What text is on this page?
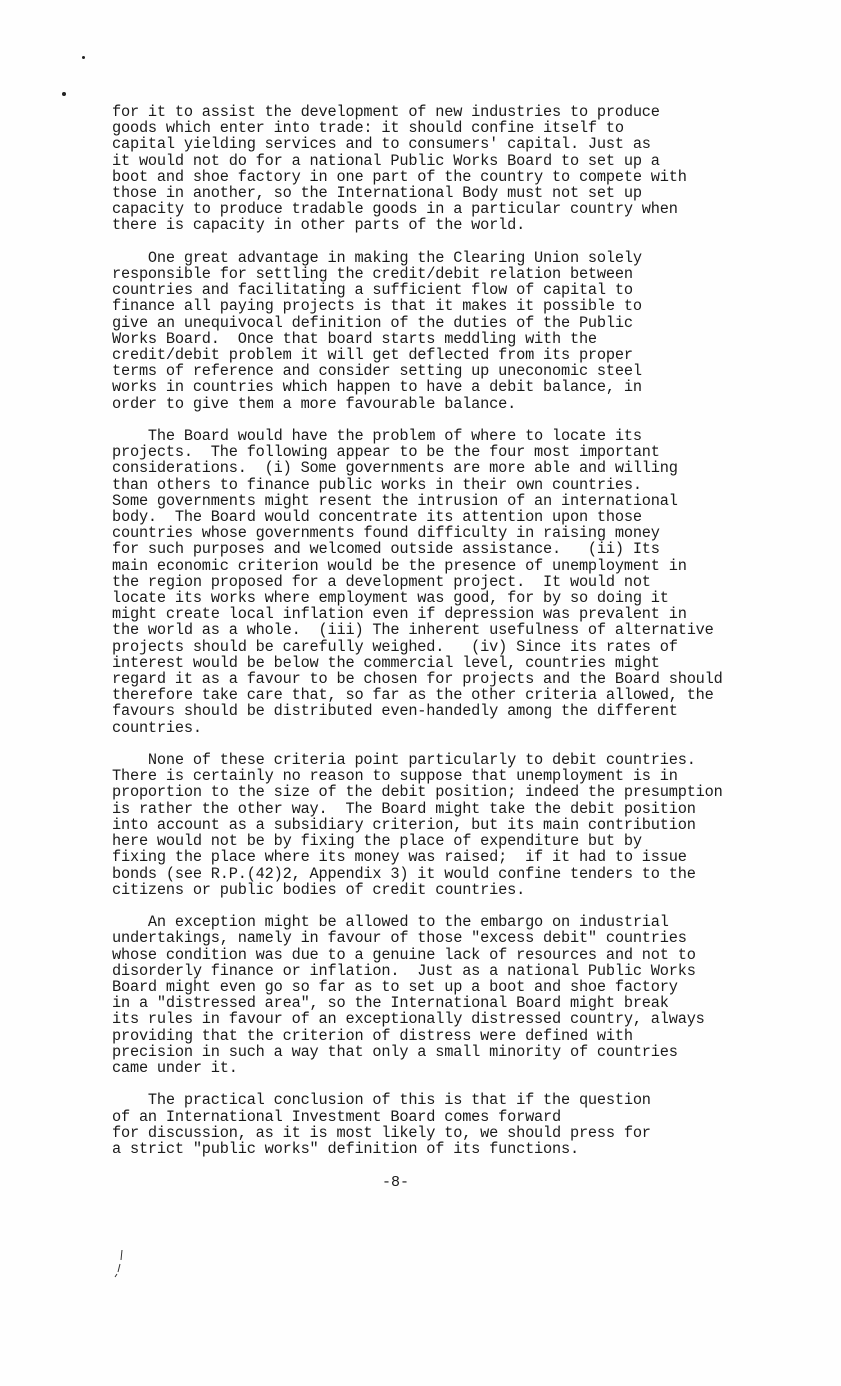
for it to assist the development of new industries to produce
goods which enter into trade: it should confine itself to
capital yielding services and to consumers' capital. Just as
it would not do for a national Public Works Board to set up a
boot and shoe factory in one part of the country to compete with
those in another, so the International Body must not set up
capacity to produce tradable goods in a particular country when
there is capacity in other parts of the world.

One great advantage in making the Clearing Union solely
responsible for settling the credit/debit relation between
countries and facilitating a sufficient flow of capital to
finance all paying projects is that it makes it possible to
give an unequivocal definition of the duties of the Public
Works Board.  Once that board starts meddling with the
credit/debit problem it will get deflected from its proper
terms of reference and consider setting up uneconomic steel
works in countries which happen to have a debit balance, in
order to give them a more favourable balance.

The Board would have the problem of where to locate its
projects.  The following appear to be the four most important
considerations.  (i) Some governments are more able and willing
than others to finance public works in their own countries.
Some governments might resent the intrusion of an international
body.  The Board would concentrate its attention upon those
countries whose governments found difficulty in raising money
for such purposes and welcomed outside assistance.   (ii) Its
main economic criterion would be the presence of unemployment in
the region proposed for a development project.  It would not
locate its works where employment was good, for by so doing it
might create local inflation even if depression was prevalent in
the world as a whole.  (iii) The inherent usefulness of alternative
projects should be carefully weighed.   (iv) Since its rates of
interest would be below the commercial level, countries might
regard it as a favour to be chosen for projects and the Board should
therefore take care that, so far as the other criteria allowed, the
favours should be distributed even-handedly among the different
countries.

None of these criteria point particularly to debit countries.
There is certainly no reason to suppose that unemployment is in
proportion to the size of the debit position; indeed the presumption
is rather the other way.  The Board might take the debit position
into account as a subsidiary criterion, but its main contribution
here would not be by fixing the place of expenditure but by
fixing the place where its money was raised;  if it had to issue
bonds (see R.P.(42)2, Appendix 3) it would confine tenders to the
citizens or public bodies of credit countries.

An exception might be allowed to the embargo on industrial
undertakings, namely in favour of those "excess debit" countries
whose condition was due to a genuine lack of resources and not to
disorderly finance or inflation.  Just as a national Public Works
Board might even go so far as to set up a boot and shoe factory
in a "distressed area", so the International Board might break
its rules in favour of an exceptionally distressed country, always
providing that the criterion of distress were defined with
precision in such a way that only a small minority of countries
came under it.

The practical conclusion of this is that if the question
of an International Investment Board comes forward
for discussion, as it is most likely to, we should press for
a strict "public works" definition of its functions.

-8-
